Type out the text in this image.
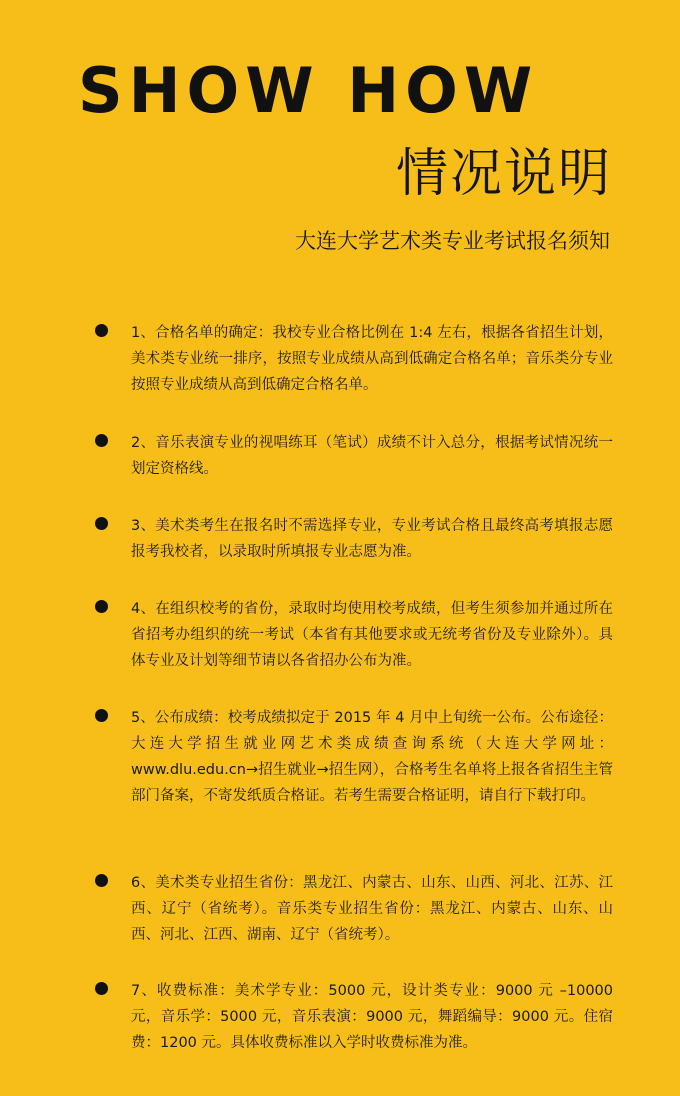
SHOW HOW
情况说明
大连大学艺术类专业考试报名须知
1、合格名单的确定：我校专业合格比例在 1:4 左右，根据各省招生计划，美术类专业统一排序，按照专业成绩从高到低确定合格名单；音乐类分专业按照专业成绩从高到低确定合格名单。
2、音乐表演专业的视唱练耳（笔试）成绩不计入总分，根据考试情况统一划定资格线。
3、美术类考生在报名时不需选择专业，专业考试合格且最终高考填报志愿报考我校者，以录取时所填报专业志愿为准。
4、在组织校考的省份，录取时均使用校考成绩，但考生须参加并通过所在省招考办组织的统一考试（本省有其他要求或无统考省份及专业除外）。具体专业及计划等细节请以各省招办公布为准。
5、公布成绩：校考成绩拟定于 2015 年 4 月中上旬统一公布。公布途径：大连大学招生就业网艺术类成绩查询系统（大连大学网址：www.dlu.edu.cn→招生就业→招生网），合格考生名单将上报各省招生主管部门备案，不寄发纸质合格证。若考生需要合格证明，请自行下载打印。
6、美术类专业招生省份：黑龙江、内蒙古、山东、山西、河北、江苏、江西、辽宁（省统考）。音乐类专业招生省份：黑龙江、内蒙古、山东、山西、河北、江西、湖南、辽宁（省统考）。
7、收费标准：美术学专业：5000 元，设计类专业：9000 元 –10000 元，音乐学：5000 元，音乐表演：9000 元，舞蹈编导：9000 元。住宿费：1200 元。具体收费标准以入学时收费标准为准。
